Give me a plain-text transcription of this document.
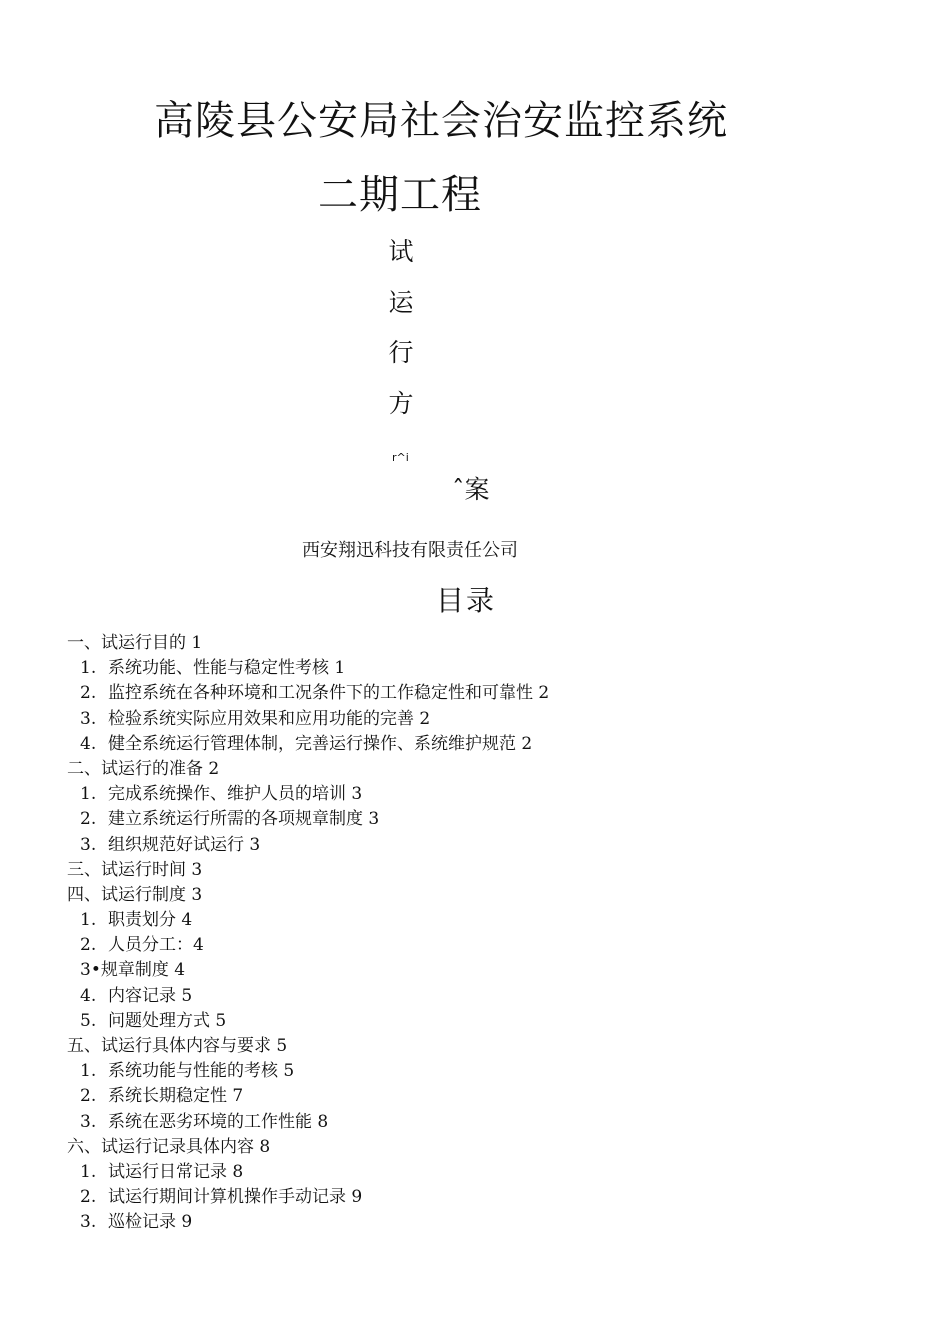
高陵县公安局社会治安监控系统
二期工程
试
运
行
方
r^i
ˆ案
西安翔迅科技有限责任公司
目录
一、试运行目的 1
1. 系统功能、性能与稳定性考核 1
2. 监控系统在各种环境和工况条件下的工作稳定性和可靠性 2
3. 检验系统实际应用效果和应用功能的完善 2
4. 健全系统运行管理体制，完善运行操作、系统维护规范 2
二、试运行的准备 2
1. 完成系统操作、维护人员的培训 3
2. 建立系统运行所需的各项规章制度 3
3. 组织规范好试运行 3
三、试运行时间 3
四、试运行制度 3
1. 职责划分 4
2. 人员分工：4
3•规章制度 4
4. 内容记录 5
5. 问题处理方式 5
五、试运行具体内容与要求 5
1. 系统功能与性能的考核 5
2. 系统长期稳定性 7
3. 系统在恶劣环境的工作性能 8
六、试运行记录具体内容 8
1. 试运行日常记录 8
2. 试运行期间计算机操作手动记录 9
3. 巡检记录 9
